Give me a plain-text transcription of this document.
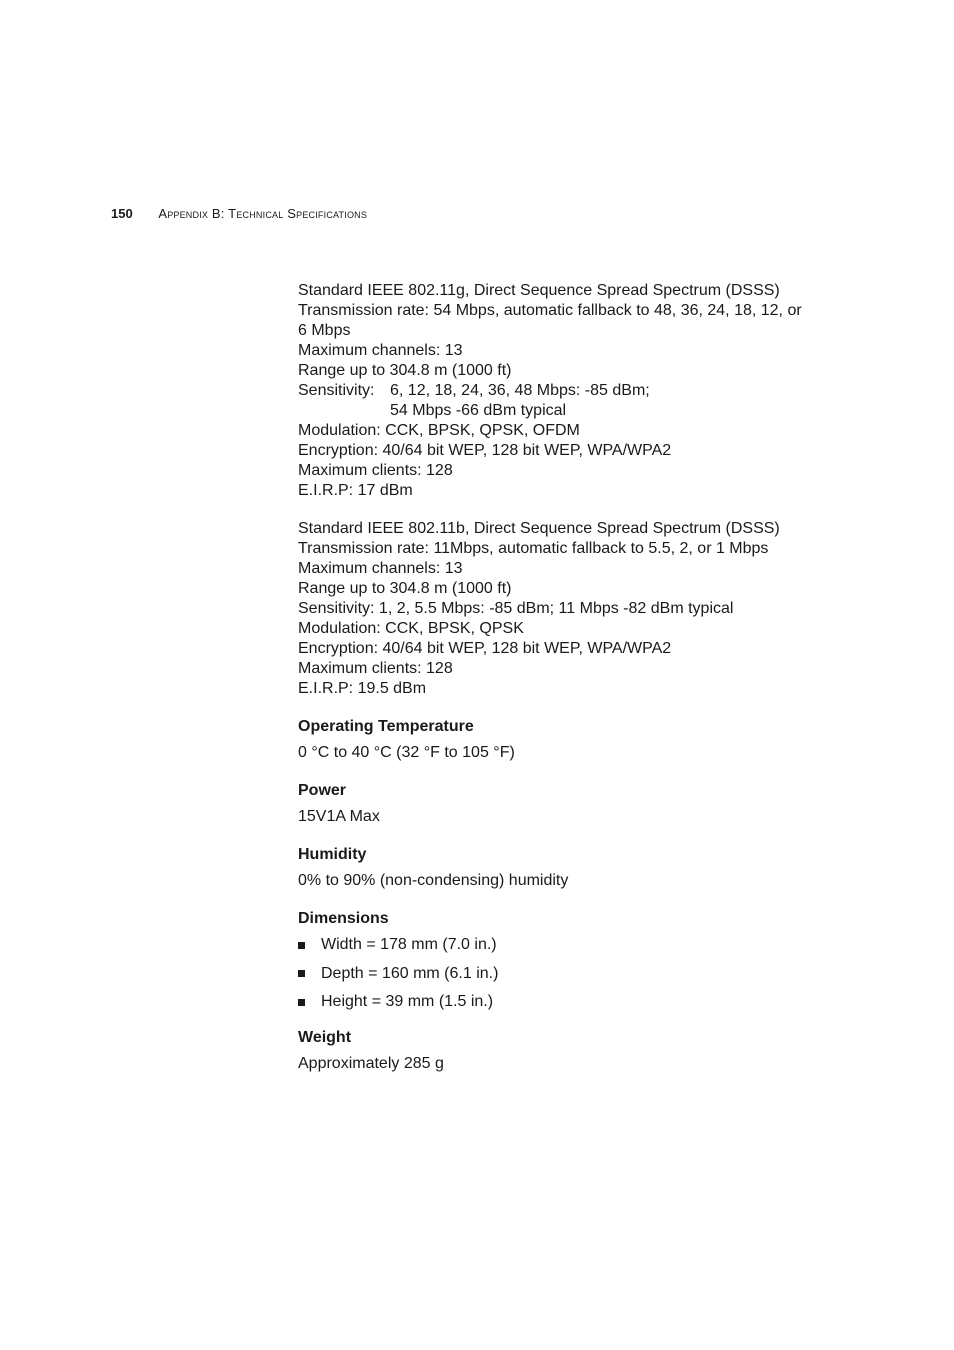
150 Appendix B: Technical Specifications
Standard IEEE 802.11g, Direct Sequence Spread Spectrum (DSSS)
Transmission rate: 54 Mbps, automatic fallback to 48, 36, 24, 18, 12, or
6 Mbps
Maximum channels: 13
Range up to 304.8 m (1000 ft)
Sensitivity: 6, 12, 18, 24, 36, 48 Mbps: -85 dBm;
54 Mbps -66 dBm typical
Modulation: CCK, BPSK, QPSK, OFDM
Encryption: 40/64 bit WEP, 128 bit WEP, WPA/WPA2
Maximum clients: 128
E.I.R.P: 17 dBm
Standard IEEE 802.11b, Direct Sequence Spread Spectrum (DSSS)
Transmission rate: 11Mbps, automatic fallback to 5.5, 2, or 1 Mbps
Maximum channels: 13
Range up to 304.8 m (1000 ft)
Sensitivity: 1, 2, 5.5 Mbps: -85 dBm; 11 Mbps -82 dBm typical
Modulation: CCK, BPSK, QPSK
Encryption: 40/64 bit WEP, 128 bit WEP, WPA/WPA2
Maximum clients: 128
E.I.R.P: 19.5 dBm
Operating Temperature
0 °C to 40 °C (32 °F to 105 °F)
Power
15V1A Max
Humidity
0% to 90% (non-condensing) humidity
Dimensions
Width = 178 mm (7.0 in.)
Depth = 160 mm (6.1 in.)
Height = 39 mm (1.5 in.)
Weight
Approximately 285 g
